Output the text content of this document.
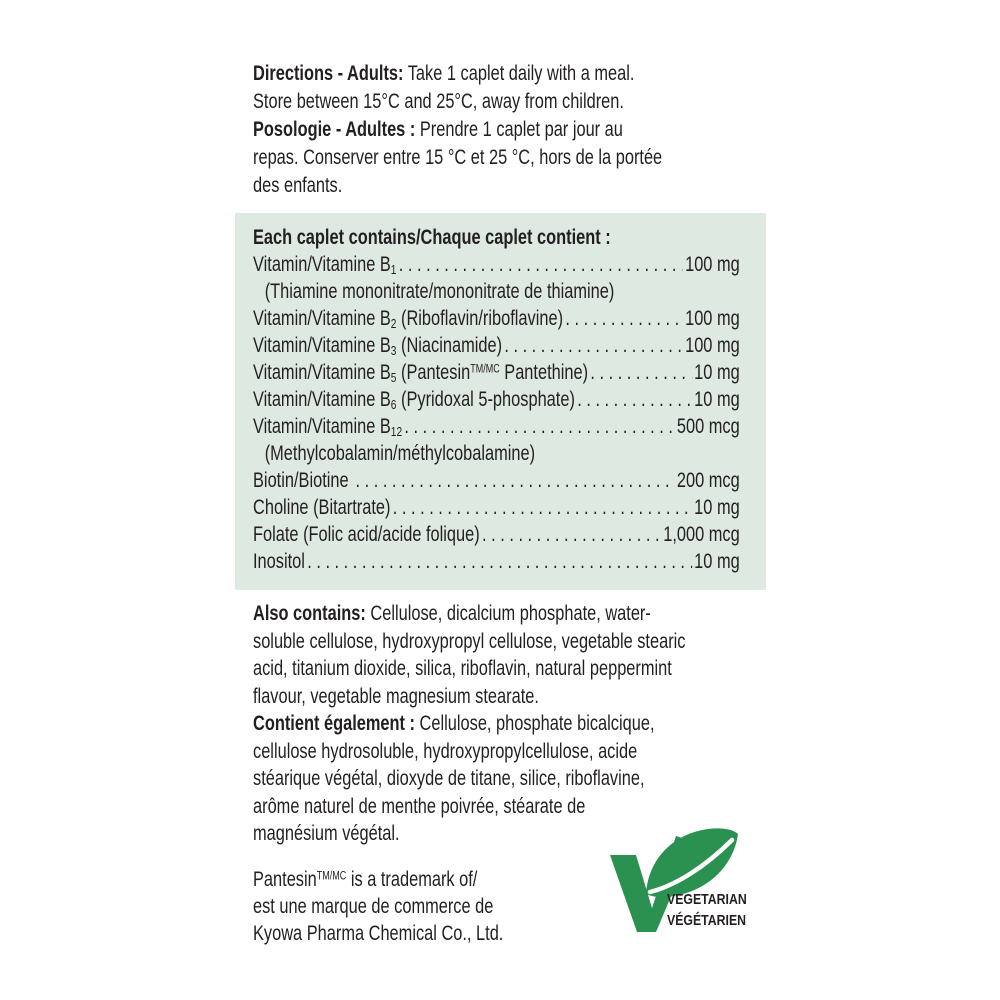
Directions - Adults: Take 1 caplet daily with a meal.
Store between 15°C and 25°C, away from children.
Posologie - Adultes : Prendre 1 caplet par jour au
repas. Conserver entre 15 °C et 25 °C, hors de la portée
des enfants.
Each caplet contains/Chaque caplet contient :
Vitamin/Vitamine $B_1$ . . .	100 mg
(Thiamine mononitrate/mononitrate de thiamine)
Vitamin/Vitamine $B_2$ (Riboflavin/riboflavine) . . .	100 mg
Vitamin/Vitamine $B_3$ (Niacinamide) . . .	100 mg
Vitamin/Vitamine $B_5$ (Pantesin$^{TM/MC}$ Pantethine) . . .	10 mg
Vitamin/Vitamine $B_6$ (Pyridoxal 5-phosphate) . . .	10 mg
Vitamin/Vitamine $B_{12}$ . . .	500 mcg
(Methylcobalamin/méthylcobalamine)
Biotin/Biotine . . .	200 mcg
Choline (Bitartrate) . . .	10 mg
Folate (Folic acid/acide folique) . . .	1,000 mcg
Inositol . . .	10 mg
Also contains: Cellulose, dicalcium phosphate, water-
soluble cellulose, hydroxypropyl cellulose, vegetable stearic
acid, titanium dioxide, silica, riboflavin, natural peppermint
flavour, vegetable magnesium stearate.
Contient également : Cellulose, phosphate bicalcique,
cellulose hydrosoluble, hydroxypropylcellulose, acide
stéarique végétal, dioxyde de titane, silice, riboflavine,
arôme naturel de menthe poivrée, stéarate de
magnésium végétal.
Pantesin$^{TM/MC}$ is a trademark of/
est une marque de commerce de
Kyowa Pharma Chemical Co., Ltd.
VEGETARIAN
VÉGÉTARIEN
